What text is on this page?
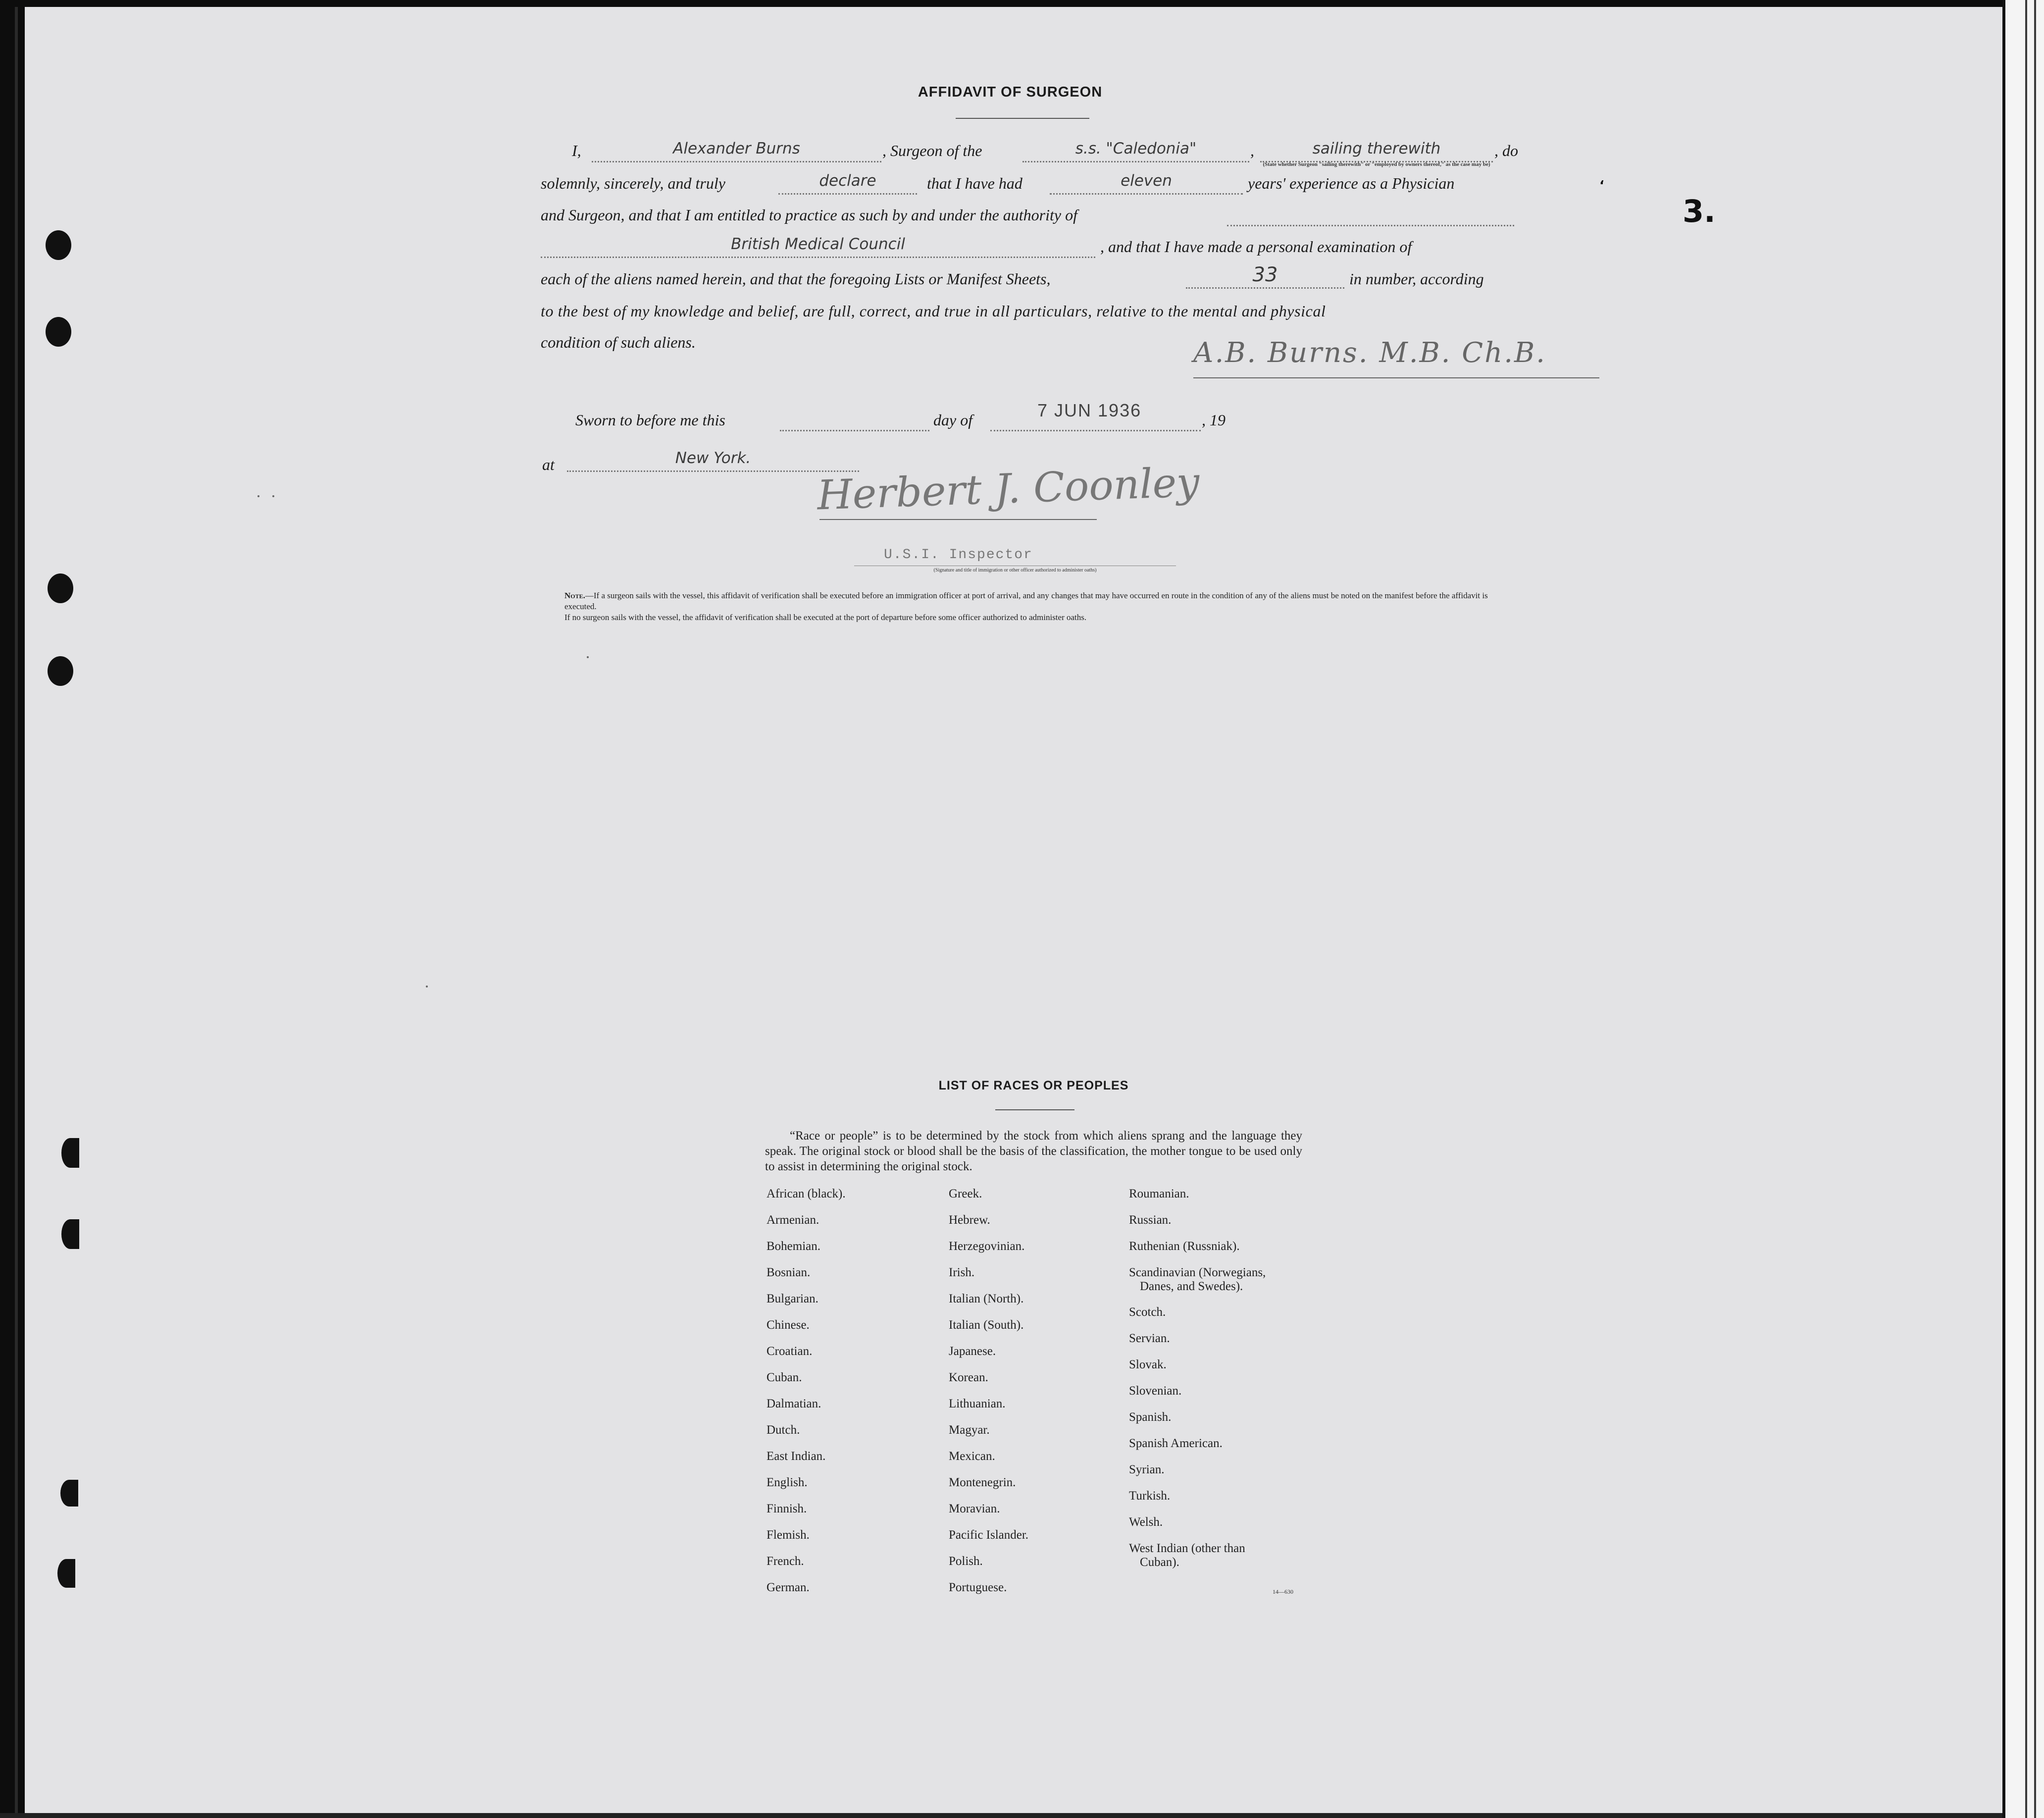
‘
3.
AFFIDAVIT OF SURGEON
I,	Alexander Burns	, Surgeon of the	s.s. "Caledonia"	,	sailing therewith	, do
(State whether Surgeon "sailing therewith" or "employed by owners thereof," as the case may be)
solemnly, sincerely, and truly	declare	that I have had	eleven	years' experience as a Physician
and Surgeon, and that I am entitled to practice as such by and under the authority of
British Medical Council	, and that I have made a personal examination of
each of the aliens named herein, and that the foregoing Lists or Manifest Sheets,	33	in number, according
to the best of my knowledge and belief, are full, correct, and true in all particulars, relative to the mental and physical
condition of such aliens.	A.B. Burns. M.B. Ch.B.
Sworn to before me this	day of	7 JUN 1936	, 19
at	New York.
Herbert J. Coonley
U.S.I. Inspector
(Signature and title of immigration or other officer authorized to administer oaths)
Note.—If a surgeon sails with the vessel, this affidavit of verification shall be executed before an immigration officer at port of arrival, and any changes that may have occurred en route in the condition of any of the aliens must be noted on the manifest before the affidavit is executed.
If no surgeon sails with the vessel, the affidavit of verification shall be executed at the port of departure before some officer authorized to administer oaths.
LIST OF RACES OR PEOPLES
“Race or people” is to be determined by the stock from which aliens sprang and the language they speak. The original stock or blood shall be the basis of the classification, the mother tongue to be used only to assist in determining the original stock.
African (black).
Armenian.
Bohemian.
Bosnian.
Bulgarian.
Chinese.
Croatian.
Cuban.
Dalmatian.
Dutch.
East Indian.
English.
Finnish.
Flemish.
French.
German.
Greek.
Hebrew.
Herzegovinian.
Irish.
Italian (North).
Italian (South).
Japanese.
Korean.
Lithuanian.
Magyar.
Mexican.
Montenegrin.
Moravian.
Pacific Islander.
Polish.
Portuguese.
Roumanian.
Russian.
Ruthenian (Russniak).
Scandinavian (Norwegians,
Danes, and Swedes).
Scotch.
Servian.
Slovak.
Slovenian.
Spanish.
Spanish American.
Syrian.
Turkish.
Welsh.
West Indian (other than
Cuban).
14—630
